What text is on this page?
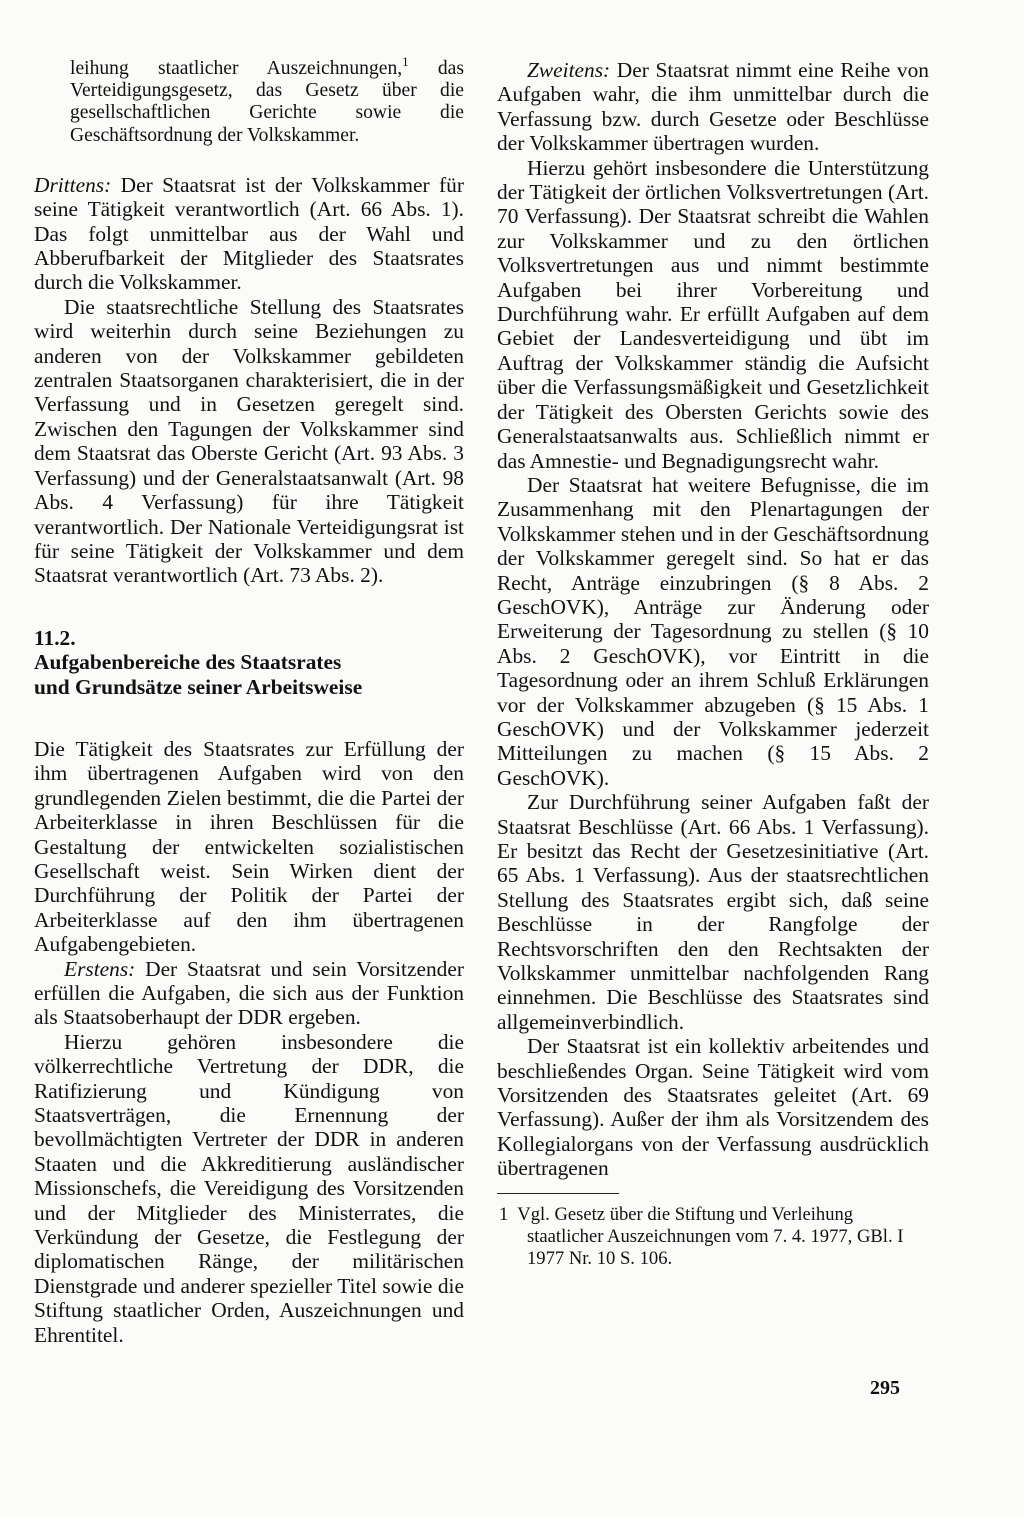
leihung staatlicher Auszeichnungen,$^1$ das Verteidigungsgesetz, das Gesetz über die gesellschaftlichen Gerichte sowie die Geschäftsordnung der Volkskammer.

Drittens: Der Staatsrat ist der Volkskammer für seine Tätigkeit verantwortlich (Art. 66 Abs. 1). Das folgt unmittelbar aus der Wahl und Abberufbarkeit der Mitglieder des Staatsrates durch die Volkskammer.

Die staatsrechtliche Stellung des Staatsrates wird weiterhin durch seine Beziehungen zu anderen von der Volkskammer gebildeten zentralen Staatsorganen charakterisiert, die in der Verfassung und in Gesetzen geregelt sind. Zwischen den Tagungen der Volkskammer sind dem Staatsrat das Oberste Gericht (Art. 93 Abs. 3 Verfassung) und der Generalstaatsanwalt (Art. 98 Abs. 4 Verfassung) für ihre Tätigkeit verantwortlich. Der Nationale Verteidigungsrat ist für seine Tätigkeit der Volkskammer und dem Staatsrat verantwortlich (Art. 73 Abs. 2).

11.2.
Aufgabenbereiche des Staatsrates
und Grundsätze seiner Arbeitsweise

Die Tätigkeit des Staatsrates zur Erfüllung der ihm übertragenen Aufgaben wird von den grundlegenden Zielen bestimmt, die die Partei der Arbeiterklasse in ihren Beschlüssen für die Gestaltung der entwickelten sozialistischen Gesellschaft weist. Sein Wirken dient der Durchführung der Politik der Partei der Arbeiterklasse auf den ihm übertragenen Aufgabengebieten.

Erstens: Der Staatsrat und sein Vorsitzender erfüllen die Aufgaben, die sich aus der Funktion als Staatsoberhaupt der DDR ergeben.

Hierzu gehören insbesondere die völkerrechtliche Vertretung der DDR, die Ratifizierung und Kündigung von Staatsverträgen, die Ernennung der bevollmächtigten Vertreter der DDR in anderen Staaten und die Akkreditierung ausländischer Missionschefs, die Vereidigung des Vorsitzenden und der Mitglieder des Ministerrates, die Verkündung der Gesetze, die Festlegung der diplomatischen Ränge, der militärischen Dienstgrade und anderer spezieller Titel sowie die Stiftung staatlicher Orden, Auszeichnungen und Ehrentitel.

Zweitens: Der Staatsrat nimmt eine Reihe von Aufgaben wahr, die ihm unmittelbar durch die Verfassung bzw. durch Gesetze oder Beschlüsse der Volkskammer übertragen wurden.

Hierzu gehört insbesondere die Unterstützung der Tätigkeit der örtlichen Volksvertretungen (Art. 70 Verfassung). Der Staatsrat schreibt die Wahlen zur Volkskammer und zu den örtlichen Volksvertretungen aus und nimmt bestimmte Aufgaben bei ihrer Vorbereitung und Durchführung wahr. Er erfüllt Aufgaben auf dem Gebiet der Landesverteidigung und übt im Auftrag der Volkskammer ständig die Aufsicht über die Verfassungsmäßigkeit und Gesetzlichkeit der Tätigkeit des Obersten Gerichts sowie des Generalstaatsanwalts aus. Schließlich nimmt er das Amnestie- und Begnadigungsrecht wahr.

Der Staatsrat hat weitere Befugnisse, die im Zusammenhang mit den Plenartagungen der Volkskammer stehen und in der Geschäftsordnung der Volkskammer geregelt sind. So hat er das Recht, Anträge einzubringen (§ 8 Abs. 2 GeschOVK), Anträge zur Änderung oder Erweiterung der Tagesordnung zu stellen (§ 10 Abs. 2 GeschOVK), vor Eintritt in die Tagesordnung oder an ihrem Schluß Erklärungen vor der Volkskammer abzugeben (§ 15 Abs. 1 GeschOVK) und der Volkskammer jederzeit Mitteilungen zu machen (§ 15 Abs. 2 GeschOVK).

Zur Durchführung seiner Aufgaben faßt der Staatsrat Beschlüsse (Art. 66 Abs. 1 Verfassung). Er besitzt das Recht der Gesetzesinitiative (Art. 65 Abs. 1 Verfassung). Aus der staatsrechtlichen Stellung des Staatsrates ergibt sich, daß seine Beschlüsse in der Rangfolge der Rechtsvorschriften den den Rechtsakten der Volkskammer unmittelbar nachfolgenden Rang einnehmen. Die Beschlüsse des Staatsrates sind allgemeinverbindlich.

Der Staatsrat ist ein kollektiv arbeitendes und beschließendes Organ. Seine Tätigkeit wird vom Vorsitzenden des Staatsrates geleitet (Art. 69 Verfassung). Außer der ihm als Vorsitzendem des Kollegialorgans von der Verfassung ausdrücklich übertragenen

1 Vgl. Gesetz über die Stiftung und Verleihung staatlicher Auszeichnungen vom 7. 4. 1977, GBl. I 1977 Nr. 10 S. 106.

295
